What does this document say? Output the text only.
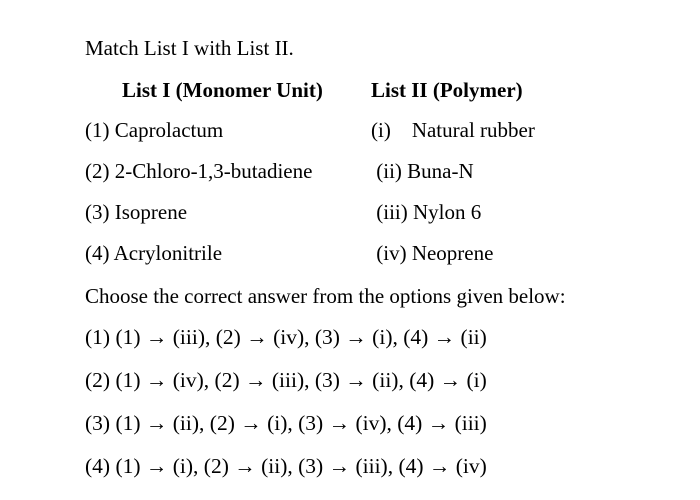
Match List I with List II.
List I (Monomer Unit) List II (Polymer)
(1) Caprolactum	(i)    Natural rubber
(2) 2-Chloro-1,3-butadiene	(ii) Buna-N
(3) Isoprene	(iii) Nylon 6
(4) Acrylonitrile	(iv) Neoprene
Choose the correct answer from the options given below:
(1) (1) → (iii), (2) → (iv), (3) → (i), (4) → (ii)
(2) (1) → (iv), (2) → (iii), (3) → (ii), (4) → (i)
(3) (1) → (ii), (2) → (i), (3) → (iv), (4) → (iii)
(4) (1) → (i), (2) → (ii), (3) → (iii), (4) → (iv)
